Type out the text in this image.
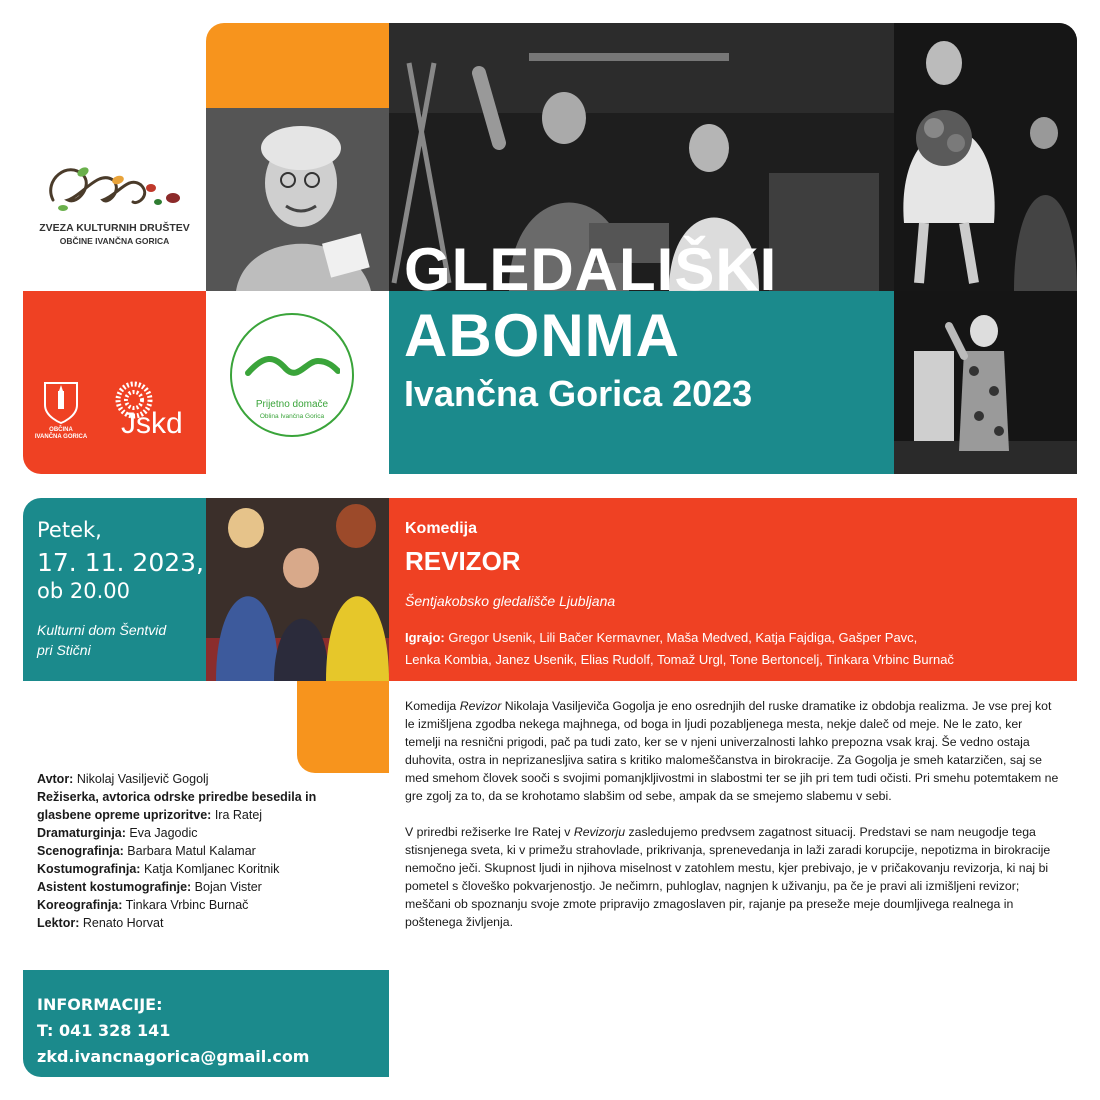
ZVEZA KULTURNIH DRUŠTEV
OBČINE IVANČNA GORICA
OBČINA
IVANČNA GORICA Jskd
Prijetno domače
Oblina Ivančna Gorica
GLEDALIŠKI
ABONMA
Ivančna Gorica 2023
Petek,
17. 11. 2023,
ob 20.00
Kulturni dom Šentvid
pri Stični
Komedija
REVIZOR
Šentjakobsko gledališče Ljubljana
Igrajo: Gregor Usenik, Lili Bačer Kermavner, Maša Medved, Katja Fajdiga, Gašper Pavc,
Lenka Kombia, Janez Usenik, Elias Rudolf, Tomaž Urgl, Tone Bertoncelj, Tinkara Vrbinc Burnač
Avtor: Nikolaj Vasiljevič Gogolj
Režiserka, avtorica odrske priredbe besedila in glasbene opreme uprizoritve: Ira Ratej
Dramaturginja: Eva Jagodic
Scenografinja: Barbara Matul Kalamar
Kostumografinja: Katja Komljanec Koritnik
Asistent kostumografinje: Bojan Vister
Koreografinja: Tinkara Vrbinc Burnač
Lektor: Renato Horvat

Komedija Revizor Nikolaja Vasiljeviča Gogolja je eno osrednjih del ruske dramatike iz obdobja realizma. Je vse prej kot le izmišljena zgodba nekega majhnega, od boga in ljudi pozabljenega mesta, nekje daleč od meje. Ne le zato, ker temelji na resnični prigodi, pač pa tudi zato, ker se v njeni univerzalnosti lahko prepozna vsak kraj. Še vedno ostaja duhovita, ostra in neprizanesljiva satira s kritiko malomeščanstva in birokracije. Za Gogolja je smeh katarzičen, saj se med smehom človek sooči s svojimi pomanjkljivostmi in slabostmi ter se jih pri tem tudi očisti. Pri smehu potemtakem ne gre zgolj za to, da se krohotamo slabšim od sebe, ampak da se smejemo slabemu v sebi.

V priredbi režiserke Ire Ratej v Revizorju zasledujemo predvsem zagatnost situacij. Predstavi se nam neugodje tega stisnjenega sveta, ki v primežu strahovlade, prikrivanja, sprenevedanja in laži zaradi korupcije, nepotizma in birokracije nemočno ječi. Skupnost ljudi in njihova miselnost v zatohlem mestu, kjer prebivajo, je v pričakovanju revizorja, ki naj bi pometel s človeško pokvarjenostjo. Je nečimrn, puhloglav, nagnjen k uživanju, pa če je pravi ali izmišljeni revizor; meščani ob spoznanju svoje zmote pripravijo zmagoslaven pir, rajanje pa preseže meje doumljivega realnega in poštenega življenja.

INFORMACIJE:
T: 041 328 141
zkd.ivancnagorica@gmail.com
